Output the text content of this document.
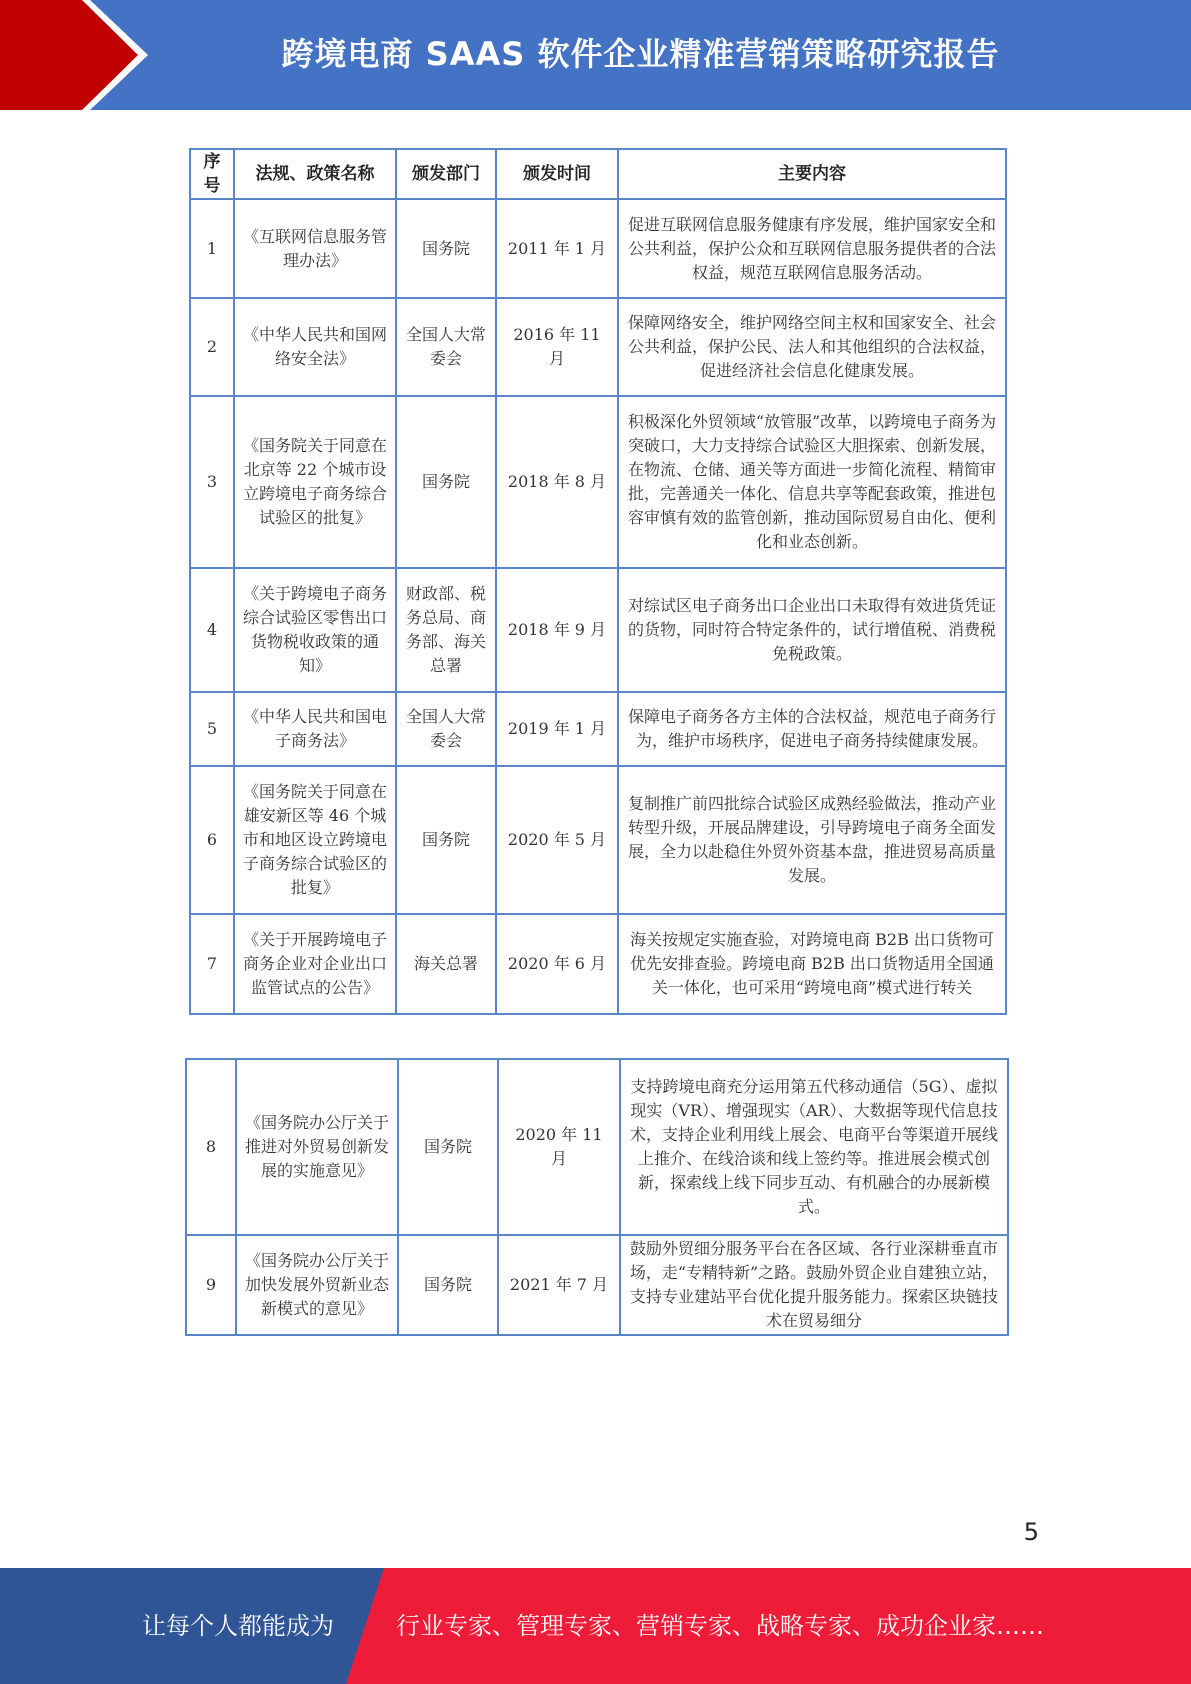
跨境电商 SAAS 软件企业精准营销策略研究报告
序号	法规、政策名称	颁发部门	颁发时间	主要内容
1	《互联网信息服务管理办法》	国务院	2011 年 1 月	促进互联网信息服务健康有序发展，维护国家安全和公共利益，保护公众和互联网信息服务提供者的合法权益，规范互联网信息服务活动。
2	《中华人民共和国网络安全法》	全国人大常委会	2016 年 11 月	保障网络安全，维护网络空间主权和国家安全、社会公共利益，保护公民、法人和其他组织的合法权益，促进经济社会信息化健康发展。
3	《国务院关于同意在北京等 22 个城市设立跨境电子商务综合试验区的批复》	国务院	2018 年 8 月	积极深化外贸领域“放管服”改革，以跨境电子商务为突破口，大力支持综合试验区大胆探索、创新发展，在物流、仓储、通关等方面进一步简化流程、精简审批，完善通关一体化、信息共享等配套政策，推进包容审慎有效的监管创新，推动国际贸易自由化、便利化和业态创新。
4	《关于跨境电子商务综合试验区零售出口货物税收政策的通知》	财政部、税务总局、商务部、海关总署	2018 年 9 月	对综试区电子商务出口企业出口未取得有效进货凭证的货物，同时符合特定条件的，试行增值税、消费税免税政策。
5	《中华人民共和国电子商务法》	全国人大常委会	2019 年 1 月	保障电子商务各方主体的合法权益，规范电子商务行为，维护市场秩序，促进电子商务持续健康发展。
6	《国务院关于同意在雄安新区等 46 个城市和地区设立跨境电子商务综合试验区的批复》	国务院	2020 年 5 月	复制推广前四批综合试验区成熟经验做法，推动产业转型升级，开展品牌建设，引导跨境电子商务全面发展，全力以赴稳住外贸外资基本盘，推进贸易高质量发展。
7	《关于开展跨境电子商务企业对企业出口监管试点的公告》	海关总署	2020 年 6 月	海关按规定实施查验，对跨境电商 B2B 出口货物可优先安排查验。跨境电商 B2B 出口货物适用全国通关一体化，也可采用“跨境电商”模式进行转关
8	《国务院办公厅关于推进对外贸易创新发展的实施意见》	国务院	2020 年 11 月	支持跨境电商充分运用第五代移动通信（5G）、虚拟现实（VR）、增强现实（AR）、大数据等现代信息技术，支持企业利用线上展会、电商平台等渠道开展线上推介、在线洽谈和线上签约等。推进展会模式创新，探索线上线下同步互动、有机融合的办展新模式。
9	《国务院办公厅关于加快发展外贸新业态新模式的意见》	国务院	2021 年 7 月	鼓励外贸细分服务平台在各区域、各行业深耕垂直市场，走“专精特新”之路。鼓励外贸企业自建独立站，支持专业建站平台优化提升服务能力。探索区块链技术在贸易细分
5
让每个人都能成为	行业专家、管理专家、营销专家、战略专家、成功企业家……
